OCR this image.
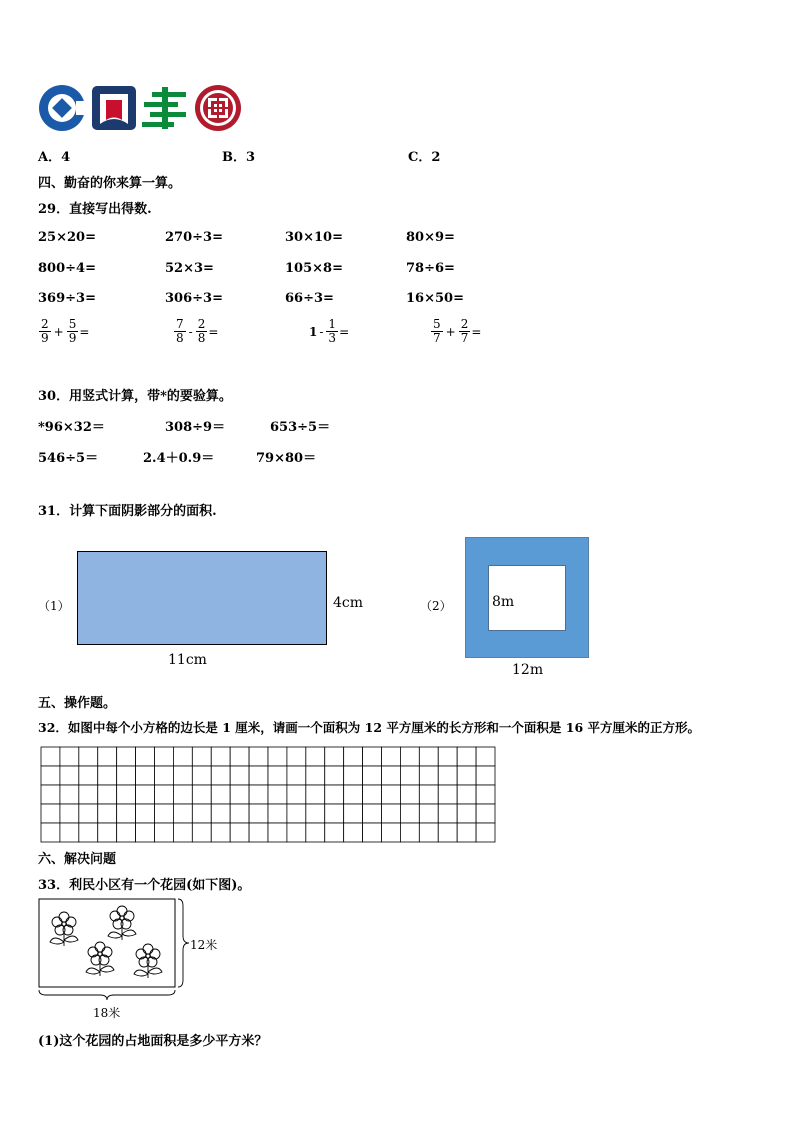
A．4	B．3	C．2
四、勤奋的你来算一算。
29．直接写出得数.
25×20=	270÷3=	30×10=	80×9=
800÷4=	52×3=	105×8=	78÷6=
369÷3=	306÷3=	66÷3=	16×50=
$\frac{2}{9} + \frac{5}{9}$ =	$\frac{7}{8} - \frac{2}{8}$ =	$1 - \frac{1}{3}$ =	$\frac{5}{7} + \frac{2}{7}$ =
30．用竖式计算，带*的要验算。
*96×32＝	308÷9＝	653÷5＝
546÷5＝	2.4＋0.9＝	79×80＝
31．计算下面阴影部分的面积.
（1）	4cm
11cm
（2）	8m
12m
五、操作题。
32．如图中每个小方格的边长是 1 厘米，请画一个面积为 12 平方厘米的长方形和一个面积是 16 平方厘米的正方形。
六、解决问题
33．利民小区有一个花园(如下图)。
12米
18米
(1)这个花园的占地面积是多少平方米？
